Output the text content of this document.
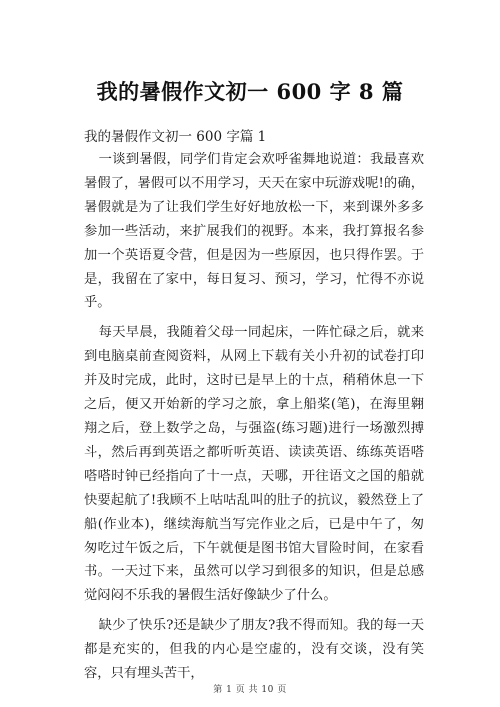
我的暑假作文初一 600 字 8 篇
我的暑假作文初一 600 字篇 1

一谈到暑假，同学们肯定会欢呼雀舞地说道：我最喜欢暑假了，暑假可以不用学习，天天在家中玩游戏呢!的确，暑假就是为了让我们学生好好地放松一下，来到课外多多参加一些活动，来扩展我们的视野。本来，我打算报名参加一个英语夏令营，但是因为一些原因，也只得作罢。于是，我留在了家中，每日复习、预习，学习，忙得不亦说乎。

每天早晨，我随着父母一同起床，一阵忙碌之后，就来到电脑桌前查阅资料，从网上下载有关小升初的试卷打印并及时完成，此时，这时已是早上的十点，稍稍休息一下之后，便又开始新的学习之旅，拿上船桨(笔)，在海里翱翔之后，登上数学之岛，与强盗(练习题)进行一场激烈搏斗，然后再到英语之都听听英语、读读英语、练练英语嗒嗒嗒时钟已经指向了十一点，天哪，开往语文之国的船就快要起航了!我顾不上咕咕乱叫的肚子的抗议，毅然登上了船(作业本)，继续海航当写完作业之后，已是中午了，匆匆吃过午饭之后，下午就便是图书馆大冒险时间，在家看书。一天过下来，虽然可以学习到很多的知识，但是总感觉闷闷不乐我的暑假生活好像缺少了什么。

缺少了快乐?还是缺少了朋友?我不得而知。我的每一天都是充实的，但我的内心是空虚的，没有交谈，没有笑容，只有埋头苦干，

第 1 页 共 10 页
